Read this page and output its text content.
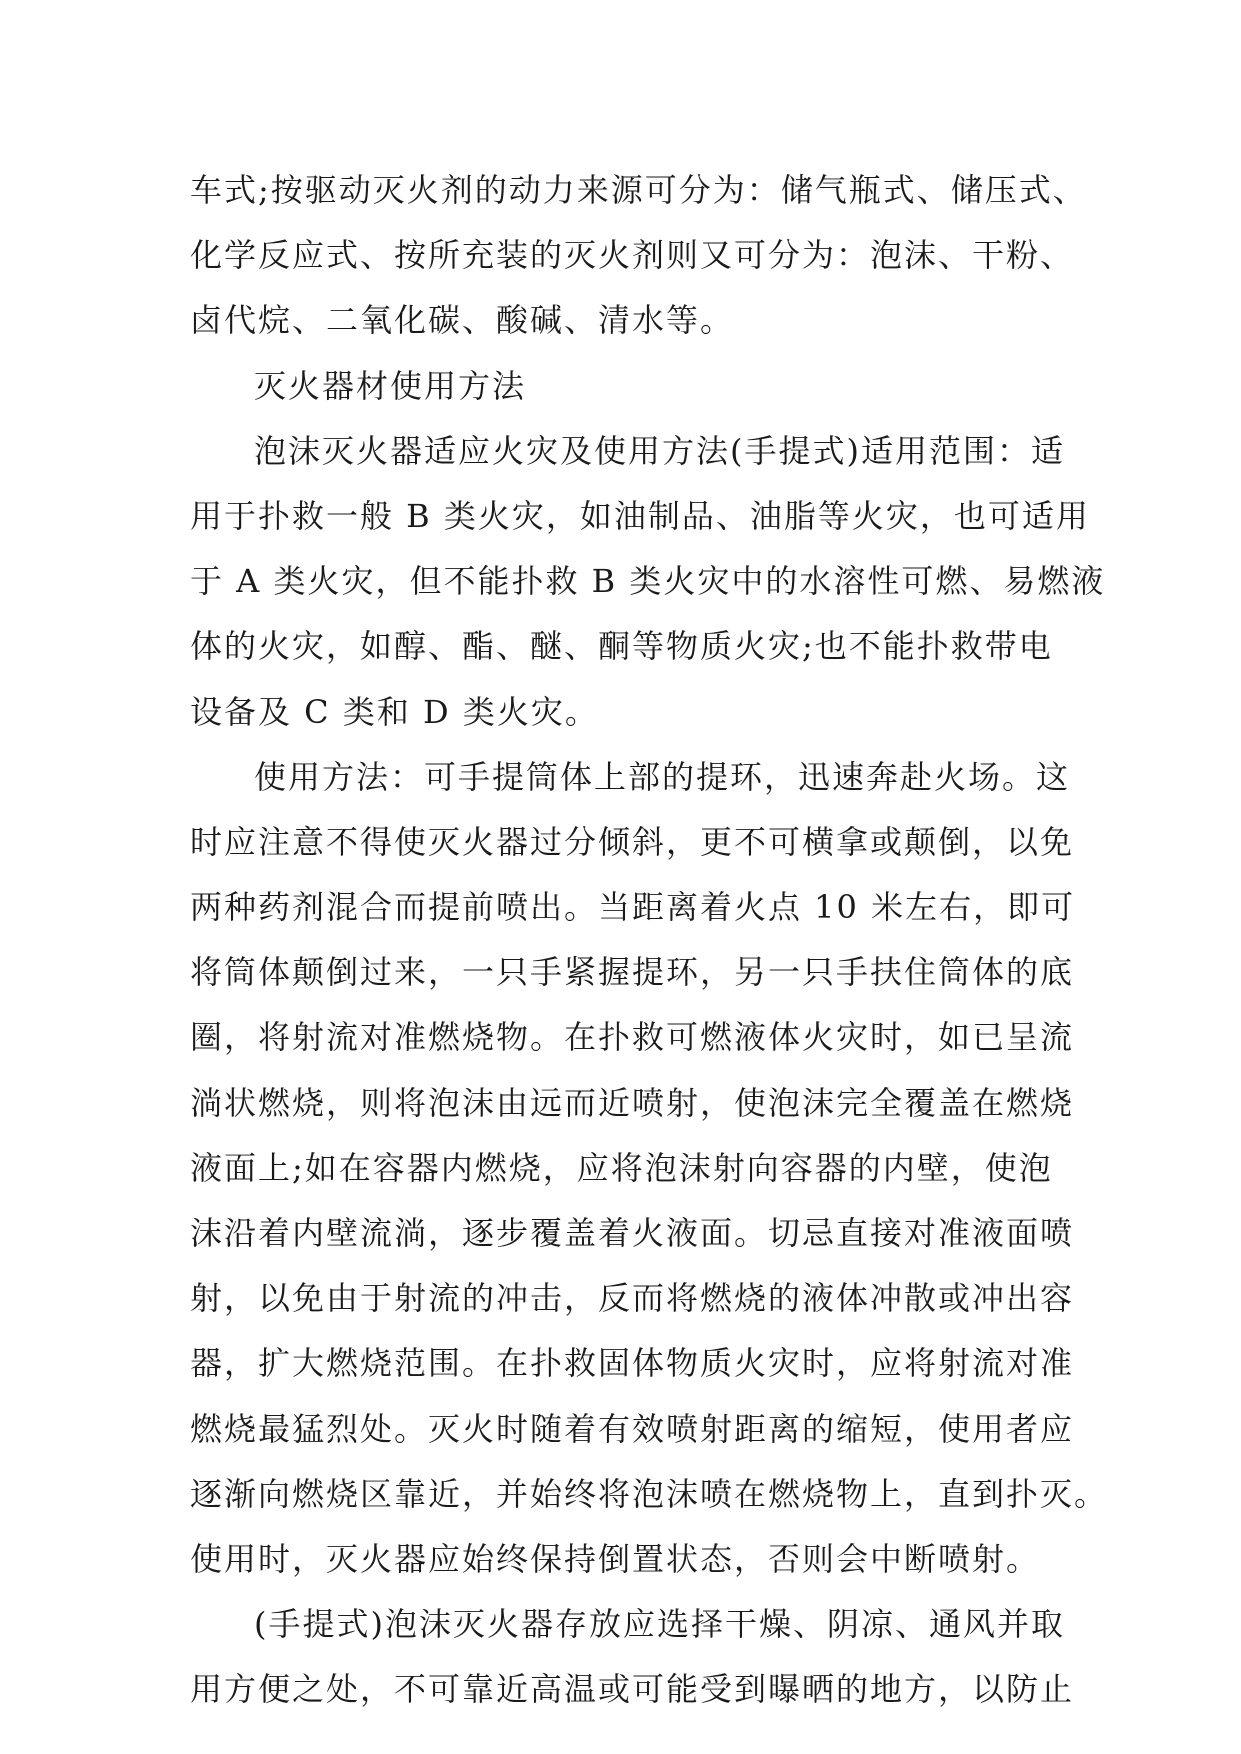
车式;按驱动灭火剂的动力来源可分为：储气瓶式、储压式、
化学反应式、按所充装的灭火剂则又可分为：泡沫、干粉、
卤代烷、二氧化碳、酸碱、清水等。
灭火器材使用方法
泡沫灭火器适应火灾及使用方法(手提式)适用范围：适
用于扑救一般 B 类火灾，如油制品、油脂等火灾，也可适用
于 A 类火灾，但不能扑救 B 类火灾中的水溶性可燃、易燃液
体的火灾，如醇、酯、醚、酮等物质火灾;也不能扑救带电
设备及 C 类和 D 类火灾。
使用方法：可手提筒体上部的提环，迅速奔赴火场。这
时应注意不得使灭火器过分倾斜，更不可横拿或颠倒，以免
两种药剂混合而提前喷出。当距离着火点 10 米左右，即可
将筒体颠倒过来，一只手紧握提环，另一只手扶住筒体的底
圈，将射流对准燃烧物。在扑救可燃液体火灾时，如已呈流
淌状燃烧，则将泡沫由远而近喷射，使泡沫完全覆盖在燃烧
液面上;如在容器内燃烧，应将泡沫射向容器的内壁，使泡
沫沿着内壁流淌，逐步覆盖着火液面。切忌直接对准液面喷
射，以免由于射流的冲击，反而将燃烧的液体冲散或冲出容
器，扩大燃烧范围。在扑救固体物质火灾时，应将射流对准
燃烧最猛烈处。灭火时随着有效喷射距离的缩短，使用者应
逐渐向燃烧区靠近，并始终将泡沫喷在燃烧物上，直到扑灭。
使用时，灭火器应始终保持倒置状态，否则会中断喷射。
(手提式)泡沫灭火器存放应选择干燥、阴凉、通风并取
用方便之处，不可靠近高温或可能受到曝晒的地方，以防止
